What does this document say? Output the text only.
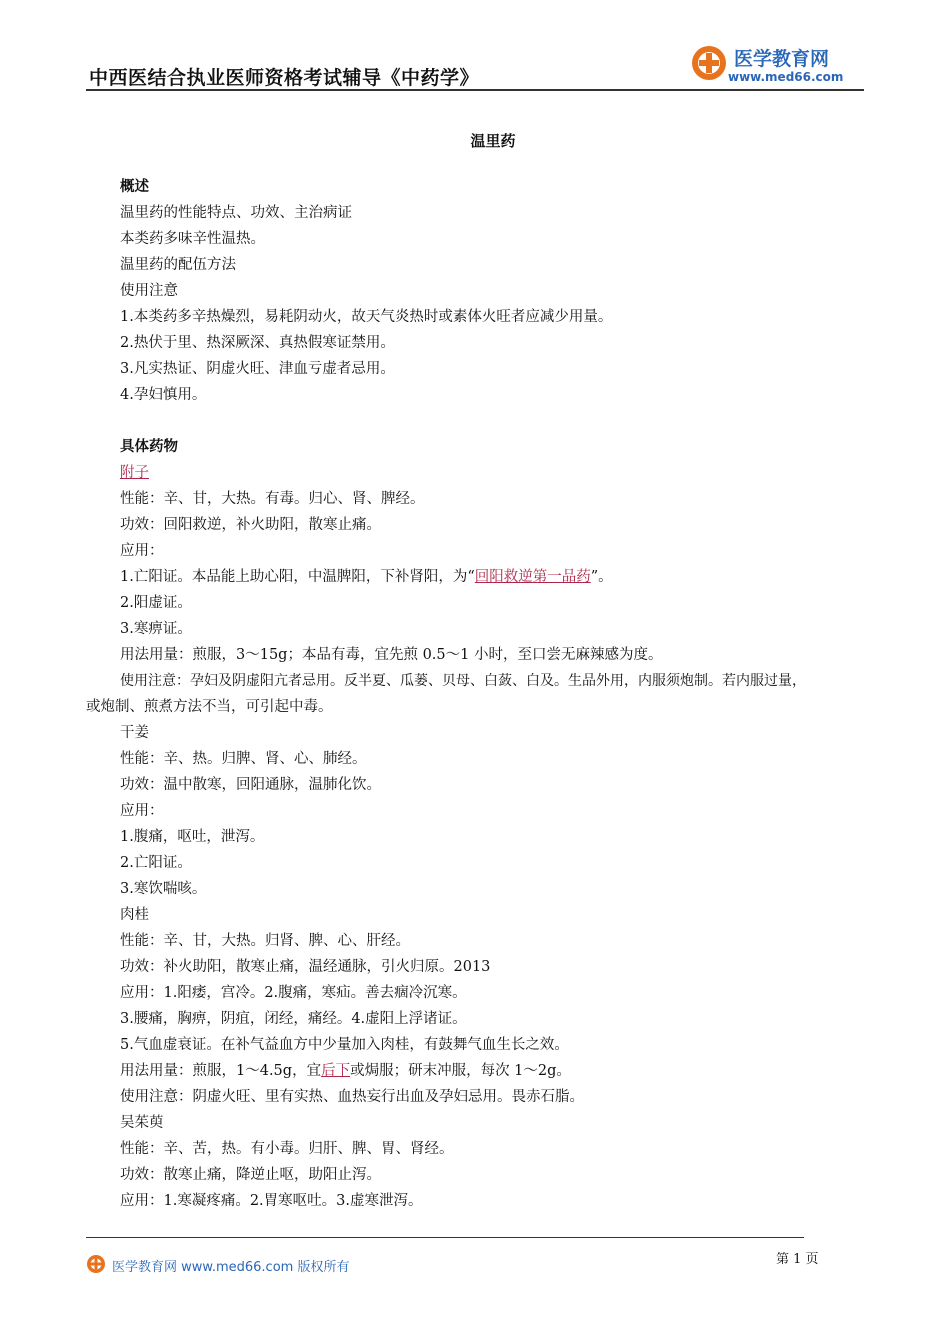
中西医结合执业医师资格考试辅导《中药学》
医学教育网
www.med66.com
温里药
概述
温里药的性能特点、功效、主治病证
本类药多味辛性温热。
温里药的配伍方法
使用注意
1.本类药多辛热燥烈，易耗阴动火，故天气炎热时或素体火旺者应减少用量。
2.热伏于里、热深厥深、真热假寒证禁用。
3.凡实热证、阴虚火旺、津血亏虚者忌用。
4.孕妇慎用。
具体药物
附子
性能：辛、甘，大热。有毒。归心、肾、脾经。
功效：回阳救逆，补火助阳，散寒止痛。
应用：
1.亡阳证。本品能上助心阳，中温脾阳，下补肾阳，为“回阳救逆第一品药”。
2.阳虚证。
3.寒痹证。
用法用量：煎服，3～15g；本品有毒，宜先煎 0.5～1 小时，至口尝无麻辣感为度。
使用注意：孕妇及阴虚阳亢者忌用。反半夏、瓜蒌、贝母、白蔹、白及。生品外用，内服须炮制。若内服过量，
或炮制、煎煮方法不当，可引起中毒。
干姜
性能：辛、热。归脾、肾、心、肺经。
功效：温中散寒，回阳通脉，温肺化饮。
应用：
1.腹痛，呕吐，泄泻。
2.亡阳证。
3.寒饮喘咳。
肉桂
性能：辛、甘，大热。归肾、脾、心、肝经。
功效：补火助阳，散寒止痛，温经通脉，引火归原。2013
应用：1.阳痿，宫冷。2.腹痛，寒疝。善去痼冷沉寒。
3.腰痛，胸痹，阴疽，闭经，痛经。4.虚阳上浮诸证。
5.气血虚衰证。在补气益血方中少量加入肉桂，有鼓舞气血生长之效。
用法用量：煎服，1～4.5g，宜后下或焗服；研末冲服，每次 1～2g。
使用注意：阴虚火旺、里有实热、血热妄行出血及孕妇忌用。畏赤石脂。
吴茱萸
性能：辛、苦，热。有小毒。归肝、脾、胃、肾经。
功效：散寒止痛，降逆止呕，助阳止泻。
应用：1.寒凝疼痛。2.胃寒呕吐。3.虚寒泄泻。
医学教育网 www.med66.com 版权所有
第 1 页
